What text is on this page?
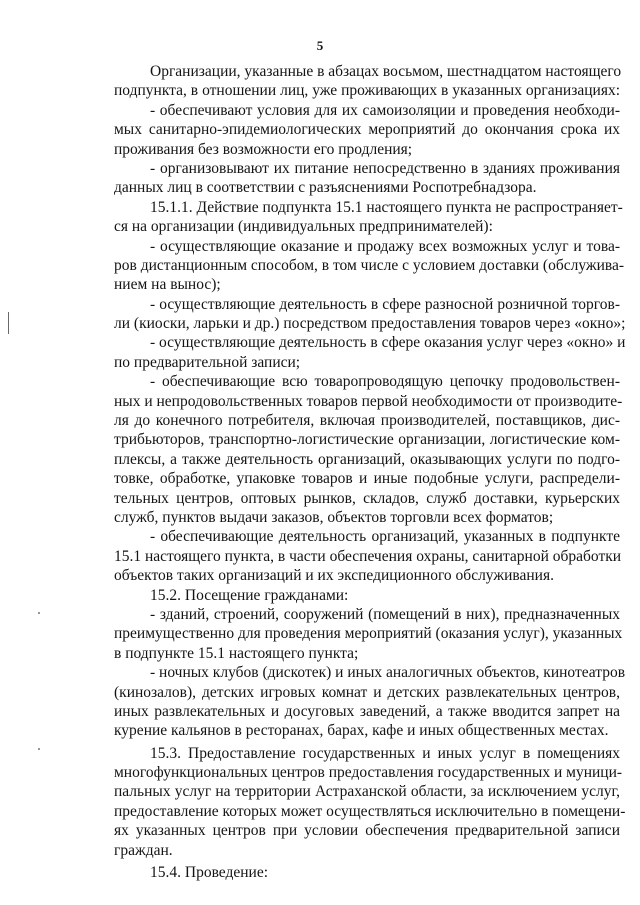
5
Организации, указанные в абзацах восьмом, шестнадцатом настоящего
подпункта, в отношении лиц, уже проживающих в указанных организациях:
- обеспечивают условия для их самоизоляции и проведения необходи-
мых санитарно-эпидемиологических мероприятий до окончания срока их
проживания без возможности его продления;
- организовывают их питание непосредственно в зданиях проживания
данных лиц в соответствии с разъяснениями Роспотребнадзора.
15.1.1. Действие подпункта 15.1 настоящего пункта не распространяет-
ся на организации (индивидуальных предпринимателей):
- осуществляющие оказание и продажу всех возможных услуг и това-
ров дистанционным способом, в том числе с условием доставки (обслужива-
нием на вынос);
- осуществляющие деятельность в сфере разносной розничной торгов-
ли (киоски, ларьки и др.) посредством предоставления товаров через «окно»;
- осуществляющие деятельность в сфере оказания услуг через «окно» и
по предварительной записи;
- обеспечивающие всю товаропроводящую цепочку продовольствен-
ных и непродовольственных товаров первой необходимости от производите-
ля до конечного потребителя, включая производителей, поставщиков, дис-
трибьюторов, транспортно-логистические организации, логистические ком-
плексы, а также деятельность организаций, оказывающих услуги по подго-
товке, обработке, упаковке товаров и иные подобные услуги, распредели-
тельных центров, оптовых рынков, складов, служб доставки, курьерских
служб, пунктов выдачи заказов, объектов торговли всех форматов;
- обеспечивающие деятельность организаций, указанных в подпункте
15.1 настоящего пункта, в части обеспечения охраны, санитарной обработки
объектов таких организаций и их экспедиционного обслуживания.
15.2. Посещение гражданами:
- зданий, строений, сооружений (помещений в них), предназначенных
преимущественно для проведения мероприятий (оказания услуг), указанных
в подпункте 15.1 настоящего пункта;
- ночных клубов (дискотек) и иных аналогичных объектов, кинотеатров
(кинозалов), детских игровых комнат и детских развлекательных центров,
иных развлекательных и досуговых заведений, а также вводится запрет на
курение кальянов в ресторанах, барах, кафе и иных общественных местах.
15.3. Предоставление государственных и иных услуг в помещениях
многофункциональных центров предоставления государственных и муници-
пальных услуг на территории Астраханской области, за исключением услуг,
предоставление которых может осуществляться исключительно в помещени-
ях указанных центров при условии обеспечения предварительной записи
граждан.
15.4. Проведение:
